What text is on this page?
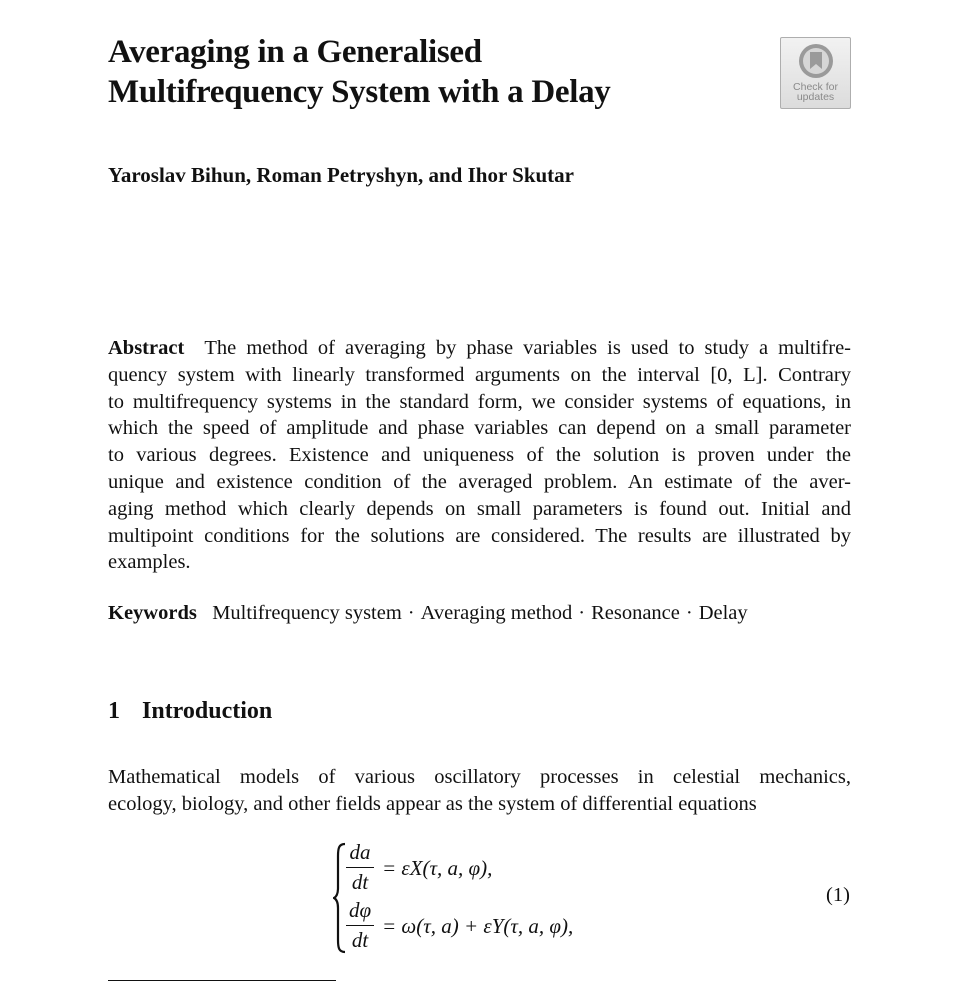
Averaging in a Generalised
Multifrequency System with a Delay	Check for
updates
Yaroslav Bihun, Roman Petryshyn, and Ihor Skutar
Abstract The method of averaging by phase variables is used to study a multifre-
quency system with linearly transformed arguments on the interval [0, L]. Contrary
to multifrequency systems in the standard form, we consider systems of equations, in
which the speed of amplitude and phase variables can depend on a small parameter
to various degrees. Existence and uniqueness of the solution is proven under the
unique and existence condition of the averaged problem. An estimate of the aver-
aging method which clearly depends on small parameters is found out. Initial and
multipoint conditions for the solutions are considered. The results are illustrated by
examples.
Keywords Multifrequency system · Averaging method · Resonance · Delay
1 Introduction
Mathematical models of various oscillatory processes in celestial mechanics,
ecology, biology, and other fields appear as the system of differential equations
da
dt
= εX(τ, a, φ),
dφ
dt
= ω(τ, a) + εY(τ, a, φ),
(1)
